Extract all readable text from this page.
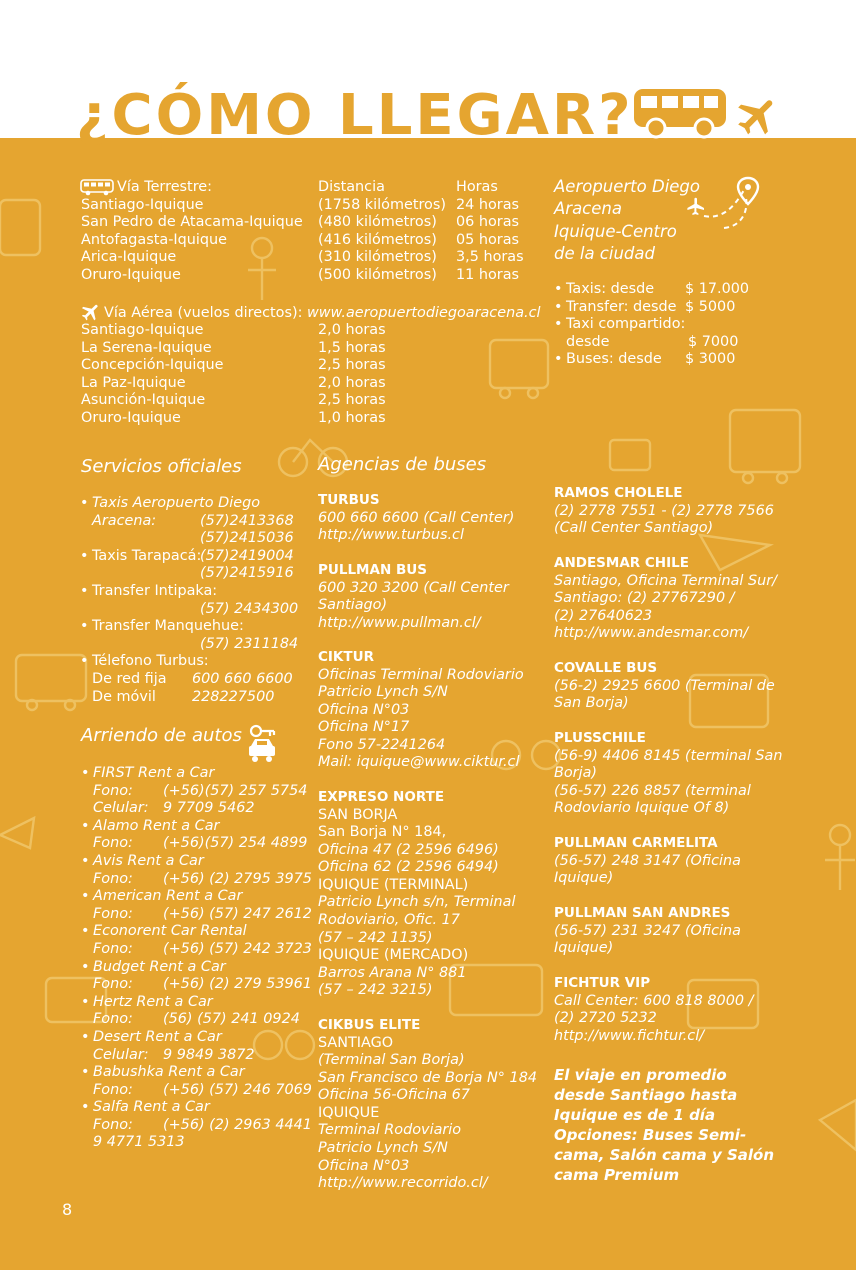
¿CÓMO LLEGAR?
Vía Terrestre:	Distancia	Horas
Santiago-Iquique	(1758 kilómetros) 24 horas
San Pedro de Atacama-Iquique (480 kilómetros) 06 horas
Antofagasta-Iquique	(416 kilómetros) 05 horas
Arica-Iquique	(310 kilómetros) 3,5 horas
Oruro-Iquique	(500 kilómetros) 11 horas
Vía Aérea (vuelos directos): www.aeropuertodiegoaracena.cl
Santiago-Iquique	2,0 horas
La Serena-Iquique	1,5 horas
Concepción-Iquique	2,5 horas
La Paz-Iquique	2,0 horas
Asunción-Iquique	2,5 horas
Oruro-Iquique	1,0 horas
Aeropuerto Diego
Aracena
Iquique-Centro
de la ciudad
• Taxis: desde $ 17.000
• Transfer: desde $ 5000
• Taxi compartido:
desde	$ 7000
• Buses: desde $ 3000
Servicios oficiales
• Taxis Aeropuerto Diego
Aracena:	(57)2413368
(57)2415036
• Taxis Tarapacá:
(57)2419004
(57)2415916
• Transfer Intipaka:
(57) 2434300
• Transfer Manquehue:
(57) 2311184
• Télefono Turbus:
De red fija 600 660 6600
De móvil	228227500
Arriendo de autos
• FIRST Rent a Car
Fono: (+56)(57) 257 5754
Celular: 9 7709 5462
• Alamo Rent a Car
Fono: (+56)(57) 254 4899
• Avis Rent a Car
Fono: (+56) (2) 2795 3975
• American Rent a Car
Fono: (+56) (57) 247 2612
• Econorent Car Rental
Fono: (+56) (57) 242 3723
• Budget Rent a Car
Fono: (+56) (2) 279 53961
• Hertz Rent a Car
Fono: (56) (57) 241 0924
• Desert Rent a Car
Celular: 9 9849 3872
• Babushka Rent a Car
Fono: (+56) (57) 246 7069
• Salfa Rent a Car
Fono: (+56) (2) 2963 4441
9 4771 5313
Agencias de buses
TURBUS
600 660 6600 (Call Center)
http://www.turbus.cl
PULLMAN BUS
600 320 3200 (Call Center
Santiago)
http://www.pullman.cl/
CIKTUR
Oficinas Terminal Rodoviario
Patricio Lynch S/N
Oficina N°03
Oficina N°17
Fono 57-2241264
Mail: iquique@www.ciktur.cl
EXPRESO NORTE
SAN BORJA
San Borja N° 184,
Oficina 47 (2 2596 6496)
Oficina 62 (2 2596 6494)
IQUIQUE (TERMINAL)
Patricio Lynch s/n, Terminal
Rodoviario, Ofic. 17
(57 – 242 1135)
IQUIQUE (MERCADO)
Barros Arana N° 881
(57 – 242 3215)
CIKBUS ELITE
SANTIAGO
(Terminal San Borja)
San Francisco de Borja N° 184
Oficina 56-Oficina 67
IQUIQUE
Terminal Rodoviario
Patricio Lynch S/N
Oficina N°03
http://www.recorrido.cl/
RAMOS CHOLELE
(2) 2778 7551 - (2) 2778 7566
(Call Center Santiago)
ANDESMAR CHILE
Santiago, Oficina Terminal Sur/
Santiago: (2) 27767290 /
(2) 27640623
http://www.andesmar.com/
COVALLE BUS
(56-2) 2925 6600 (Terminal de
San Borja)
PLUSSCHILE
(56-9) 4406 8145 (terminal San
Borja)
(56-57) 226 8857 (terminal
Rodoviario Iquique Of 8)
PULLMAN CARMELITA
(56-57) 248 3147 (Oficina
Iquique)
PULLMAN SAN ANDRES
(56-57) 231 3247 (Oficina
Iquique)
FICHTUR VIP
Call Center: 600 818 8000 /
(2) 2720 5232
http://www.fichtur.cl/
El viaje en promedio
desde Santiago hasta
Iquique es de 1 día
Opciones: Buses Semi-
cama, Salón cama y Salón
cama Premium
8
